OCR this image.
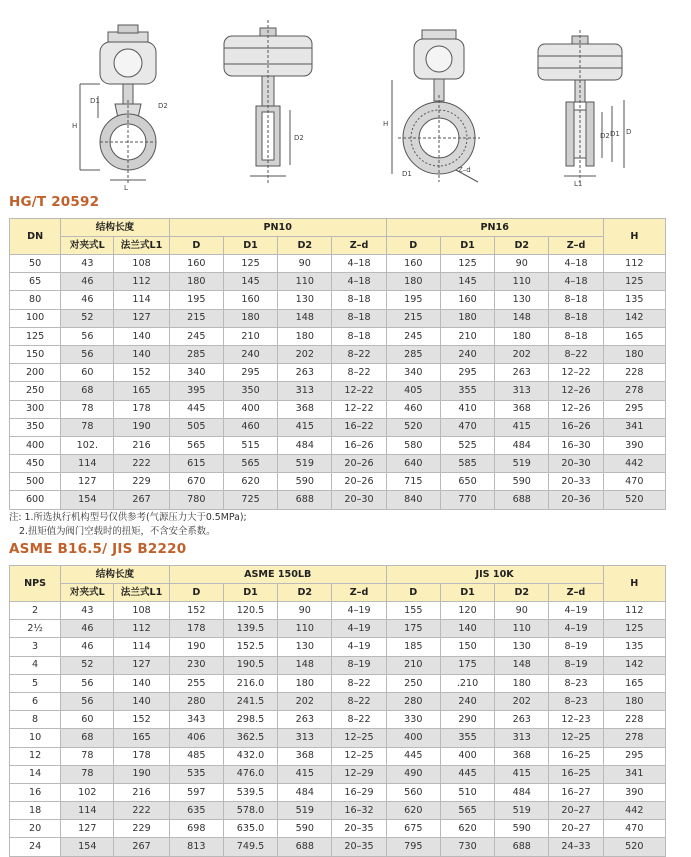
H
D1
D2
L
D2
H
D1	Z–d
D2 D1 D
L1
HG/T 20592
DN	结构长度		PN10				PN16				H
	对夹式L	法兰式L1	D	D1	D2	Z–d	D	D1	D2	Z–d	
50	43	108	160	125	90	4–18	160	125	90	4–18	112
65	46	112	180	145	110	4–18	180	145	110	4–18	125
80	46	114	195	160	130	8–18	195	160	130	8–18	135
100	52	127	215	180	148	8–18	215	180	148	8–18	142
125	56	140	245	210	180	8–18	245	210	180	8–18	165
150	56	140	285	240	202	8–22	285	240	202	8–22	180
200	60	152	340	295	263	8–22	340	295	263	12–22	228
250	68	165	395	350	313	12–22	405	355	313	12–26	278
300	78	178	445	400	368	12–22	460	410	368	12–26	295
350	78	190	505	460	415	16–22	520	470	415	16–26	341
400	102.	216	565	515	484	16–26	580	525	484	16–30	390
450	114	222	615	565	519	20–26	640	585	519	20–30	442
500	127	229	670	620	590	20–26	715	650	590	20–33	470
600	154	267	780	725	688	20–30	840	770	688	20–36	520
注: 1.所选执行机构型号仅供参考(气源压力大于0.5MPa);
2.扭矩值为阀门空载时的扭矩，不含安全系数。
ASME B16.5/ JIS B2220
NPS	结构长度		ASME 150LB				JIS 10K				H
	对夹式L	法兰式L1	D	D1	D2	Z–d	D	D1	D2	Z–d	
2	43	108	152	120.5	90	4–19	155	120	90	4–19	112
2½	46	112	178	139.5	110	4–19	175	140	110	4–19	125
3	46	114	190	152.5	130	4–19	185	150	130	8–19	135
4	52	127	230	190.5	148	8–19	210	175	148	8–19	142
5	56	140	255	216.0	180	8–22	250	.210	180	8–23	165
6	56	140	280	241.5	202	8–22	280	240	202	8–23	180
8	60	152	343	298.5	263	8–22	330	290	263	12–23	228
10	68	165	406	362.5	313	12–25	400	355	313	12–25	278
12	78	178	485	432.0	368	12–25	445	400	368	16–25	295
14	78	190	535	476.0	415	12–29	490	445	415	16–25	341
16	102	216	597	539.5	484	16–29	560	510	484	16–27	390
18	114	222	635	578.0	519	16–32	620	565	519	20–27	442
20	127	229	698	635.0	590	20–35	675	620	590	20–27	470
24	154	267	813	749.5	688	20–35	795	730	688	24–33	520
